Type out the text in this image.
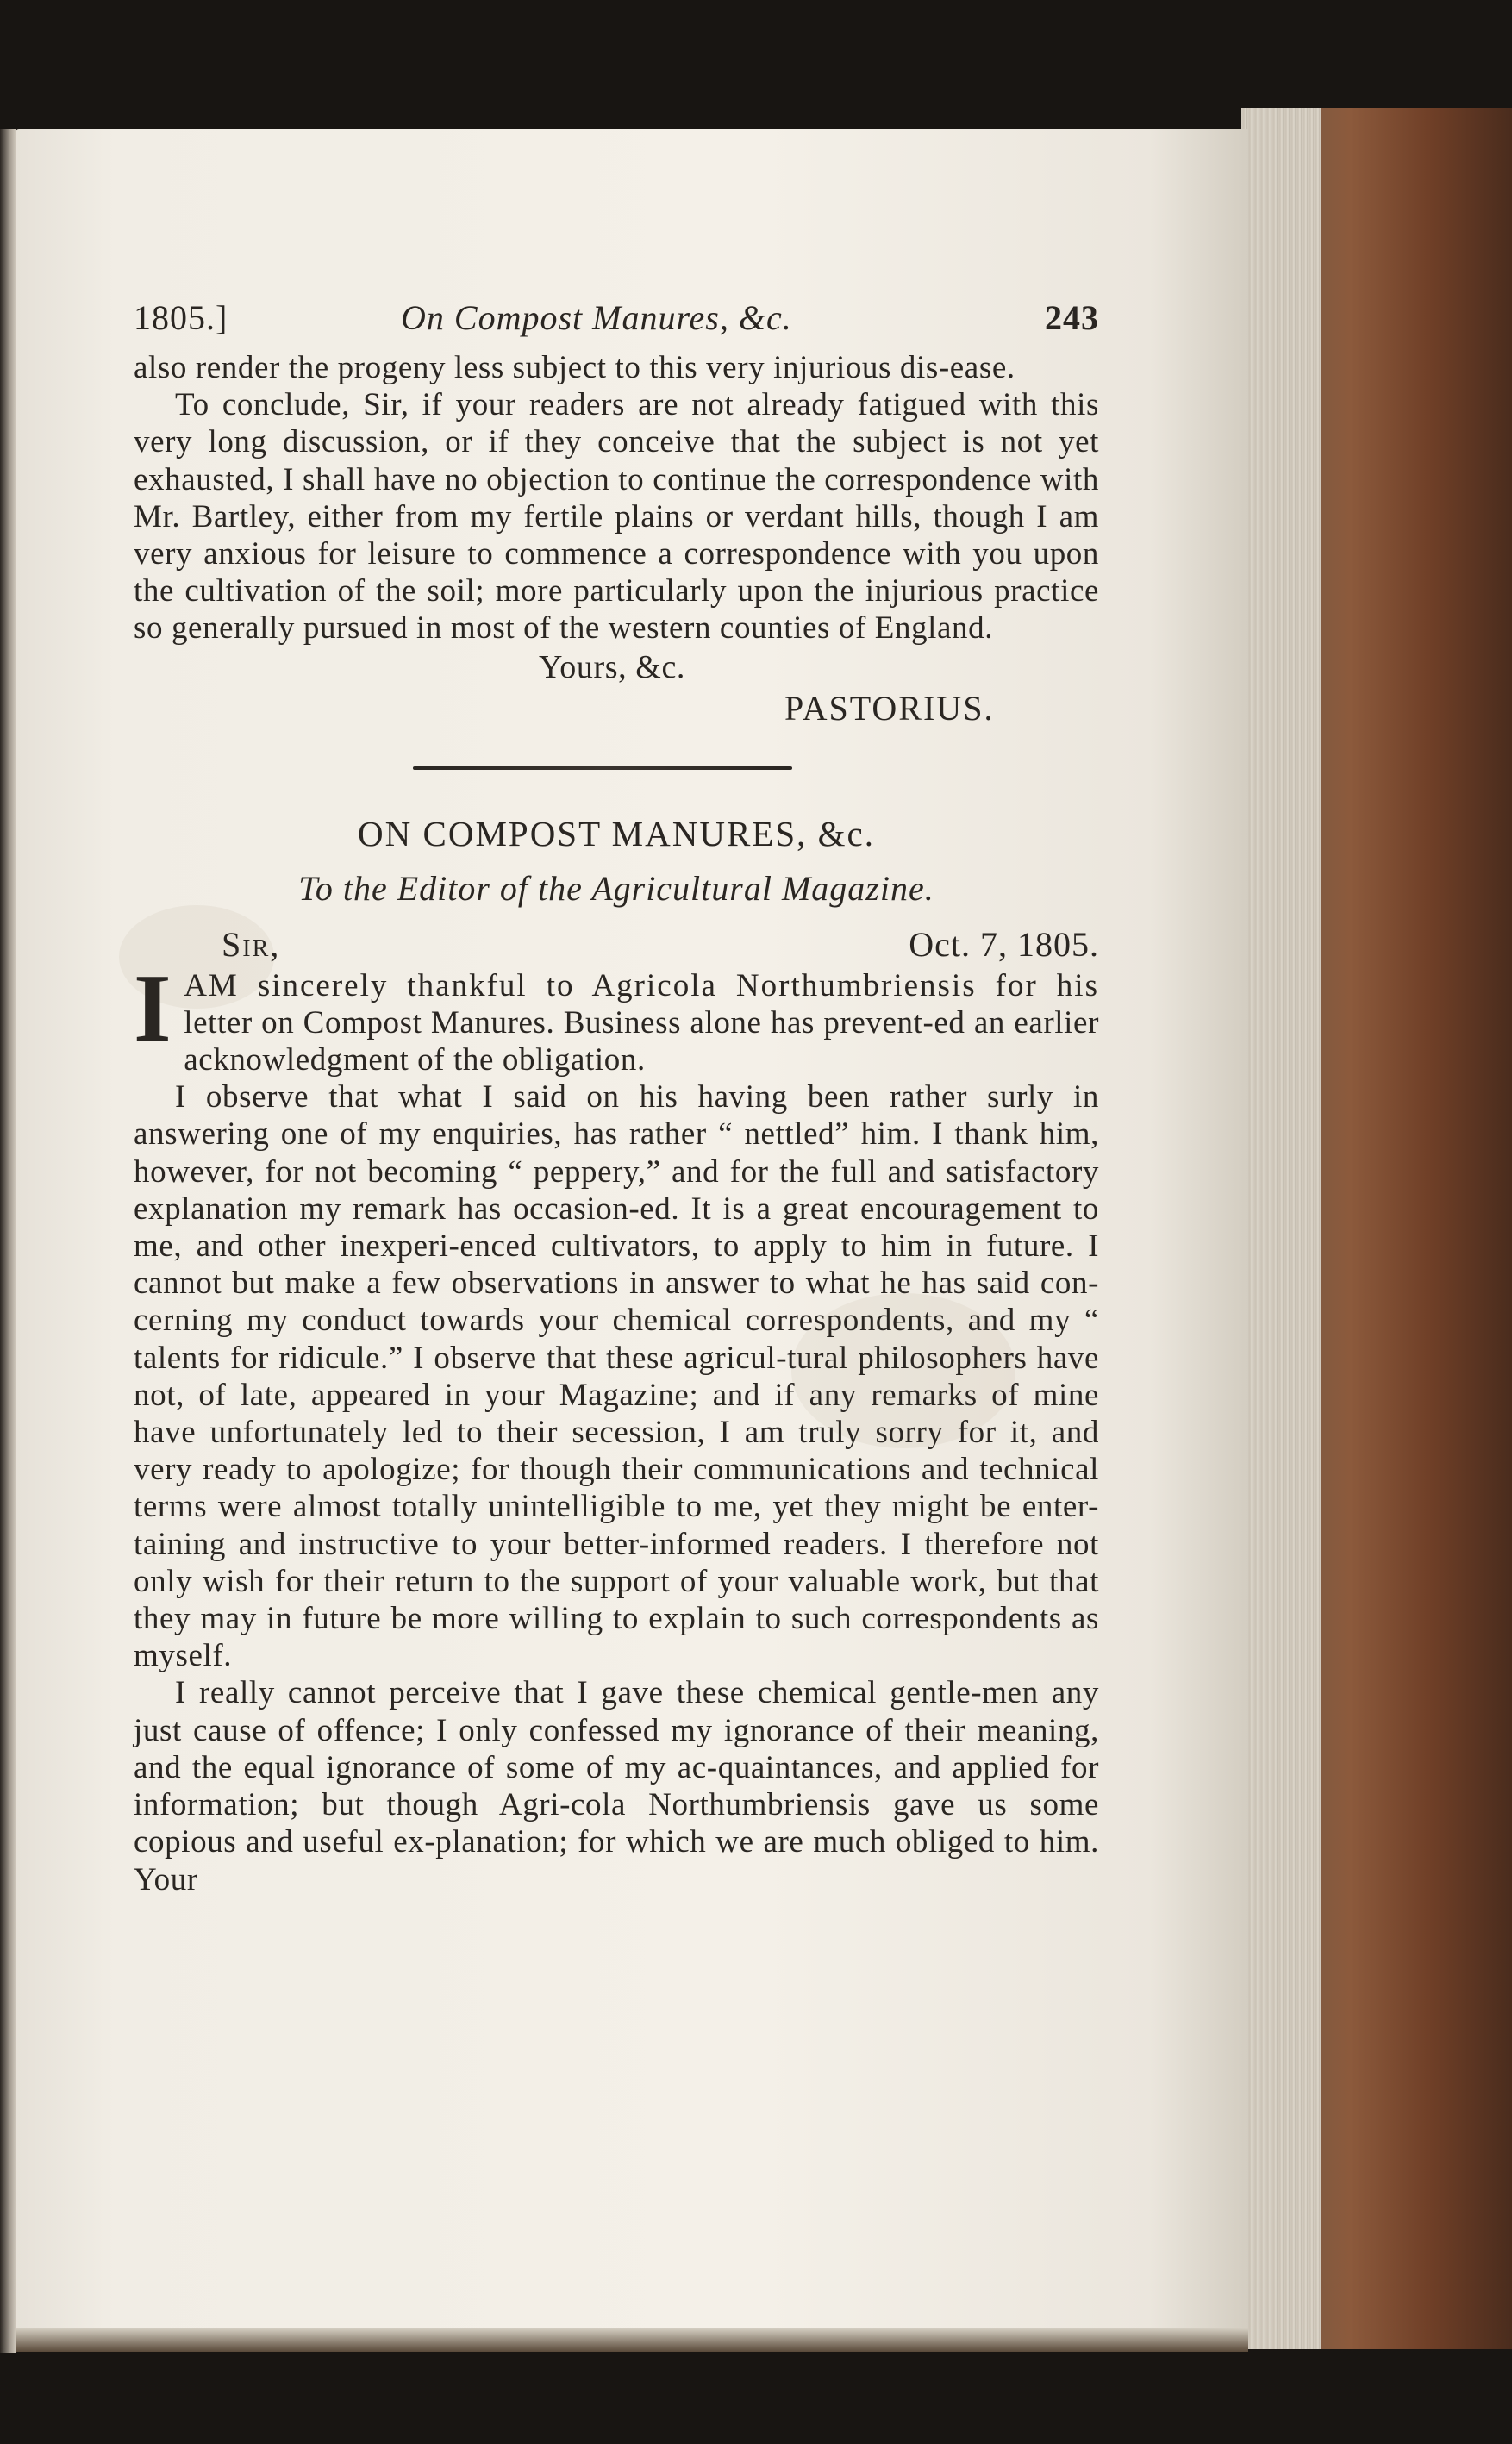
1805.]	On Compost Manures, &c.	243

also render the progeny less subject to this very injurious dis-ease.

To conclude, Sir, if your readers are not already fatigued with this very long discussion, or if they conceive that the subject is not yet exhausted, I shall have no objection to continue the correspondence with Mr. Bartley, either from my fertile plains or verdant hills, though I am very anxious for leisure to commence a correspondence with you upon the cultivation of the soil; more particularly upon the injurious practice so generally pursued in most of the western counties of England.

Yours, &c.

PASTORIUS.

ON COMPOST MANURES, &c.
To the Editor of the Agricultural Magazine.
Sir,	Oct. 7, 1805.

IAM sincerely thankful to Agricola Northumbriensis for his letter on Compost Manures. Business alone has prevent-ed an earlier acknowledgment of the obligation.

I observe that what I said on his having been rather surly in answering one of my enquiries, has rather “ nettled” him. I thank him, however, for not becoming “ peppery,” and for the full and satisfactory explanation my remark has occasion-ed. It is a great encouragement to me, and other inexperi-enced cultivators, to apply to him in future. I cannot but make a few observations in answer to what he has said con-cerning my conduct towards your chemical correspondents, and my “ talents for ridicule.” I observe that these agricul-tural philosophers have not, of late, appeared in your Magazine; and if any remarks of mine have unfortunately led to their secession, I am truly sorry for it, and very ready to apologize; for though their communications and technical terms were almost totally unintelligible to me, yet they might be enter-taining and instructive to your better-informed readers. I therefore not only wish for their return to the support of your valuable work, but that they may in future be more willing to explain to such correspondents as myself.

I really cannot perceive that I gave these chemical gentle-men any just cause of offence; I only confessed my ignorance of their meaning, and the equal ignorance of some of my ac-quaintances, and applied for information; but though Agri-cola Northumbriensis gave us some copious and useful ex-planation; for which we are much obliged to him. Your
